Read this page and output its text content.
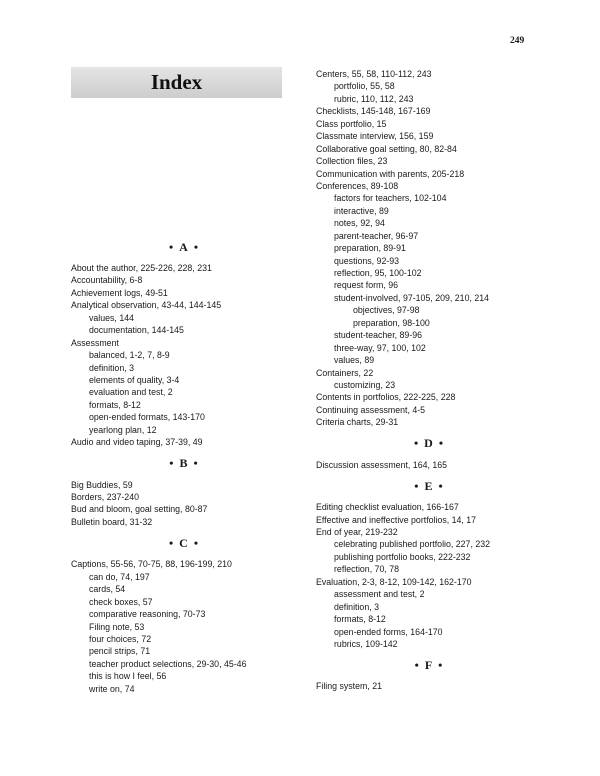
249
Index
• A •
About the author, 225-226, 228, 231
Accountability, 6-8
Achievement logs, 49-51
Analytical observation, 43-44, 144-145
values, 144
documentation, 144-145
Assessment
balanced, 1-2, 7, 8-9
definition, 3
elements of quality, 3-4
evaluation and test, 2
formats, 8-12
open-ended formats, 143-170
yearlong plan, 12
Audio and video taping, 37-39, 49
• B •
Big Buddies, 59
Borders, 237-240
Bud and bloom, goal setting, 80-87
Bulletin board, 31-32
• C •
Captions, 55-56, 70-75, 88, 196-199, 210
can do, 74, 197
cards, 54
check boxes, 57
comparative reasoning, 70-73
Filing note, 53
four choices, 72
pencil strips, 71
teacher product selections, 29-30, 45-46
this is how I feel, 56
write on, 74
Centers, 55, 58, 110-112, 243
portfolio, 55, 58
rubric, 110, 112, 243
Checklists, 145-148, 167-169
Class portfolio, 15
Classmate interview, 156, 159
Collaborative goal setting, 80, 82-84
Collection files, 23
Communication with parents, 205-218
Conferences, 89-108
factors for teachers, 102-104
interactive, 89
notes, 92, 94
parent-teacher, 96-97
preparation, 89-91
questions, 92-93
reflection, 95, 100-102
request form, 96
student-involved, 97-105, 209, 210, 214
objectives, 97-98
preparation, 98-100
student-teacher, 89-96
three-way, 97, 100, 102
values, 89
Containers, 22
customizing, 23
Contents in portfolios, 222-225, 228
Continuing assessment, 4-5
Criteria charts, 29-31
• D •
Discussion assessment, 164, 165
• E •
Editing checklist evaluation, 166-167
Effective and ineffective portfolios, 14, 17
End of year, 219-232
celebrating published portfolio, 227, 232
publishing portfolio books, 222-232
reflection, 70, 78
Evaluation, 2-3, 8-12, 109-142, 162-170
assessment and test, 2
definition, 3
formats, 8-12
open-ended forms, 164-170
rubrics, 109-142
• F •
Filing system, 21
